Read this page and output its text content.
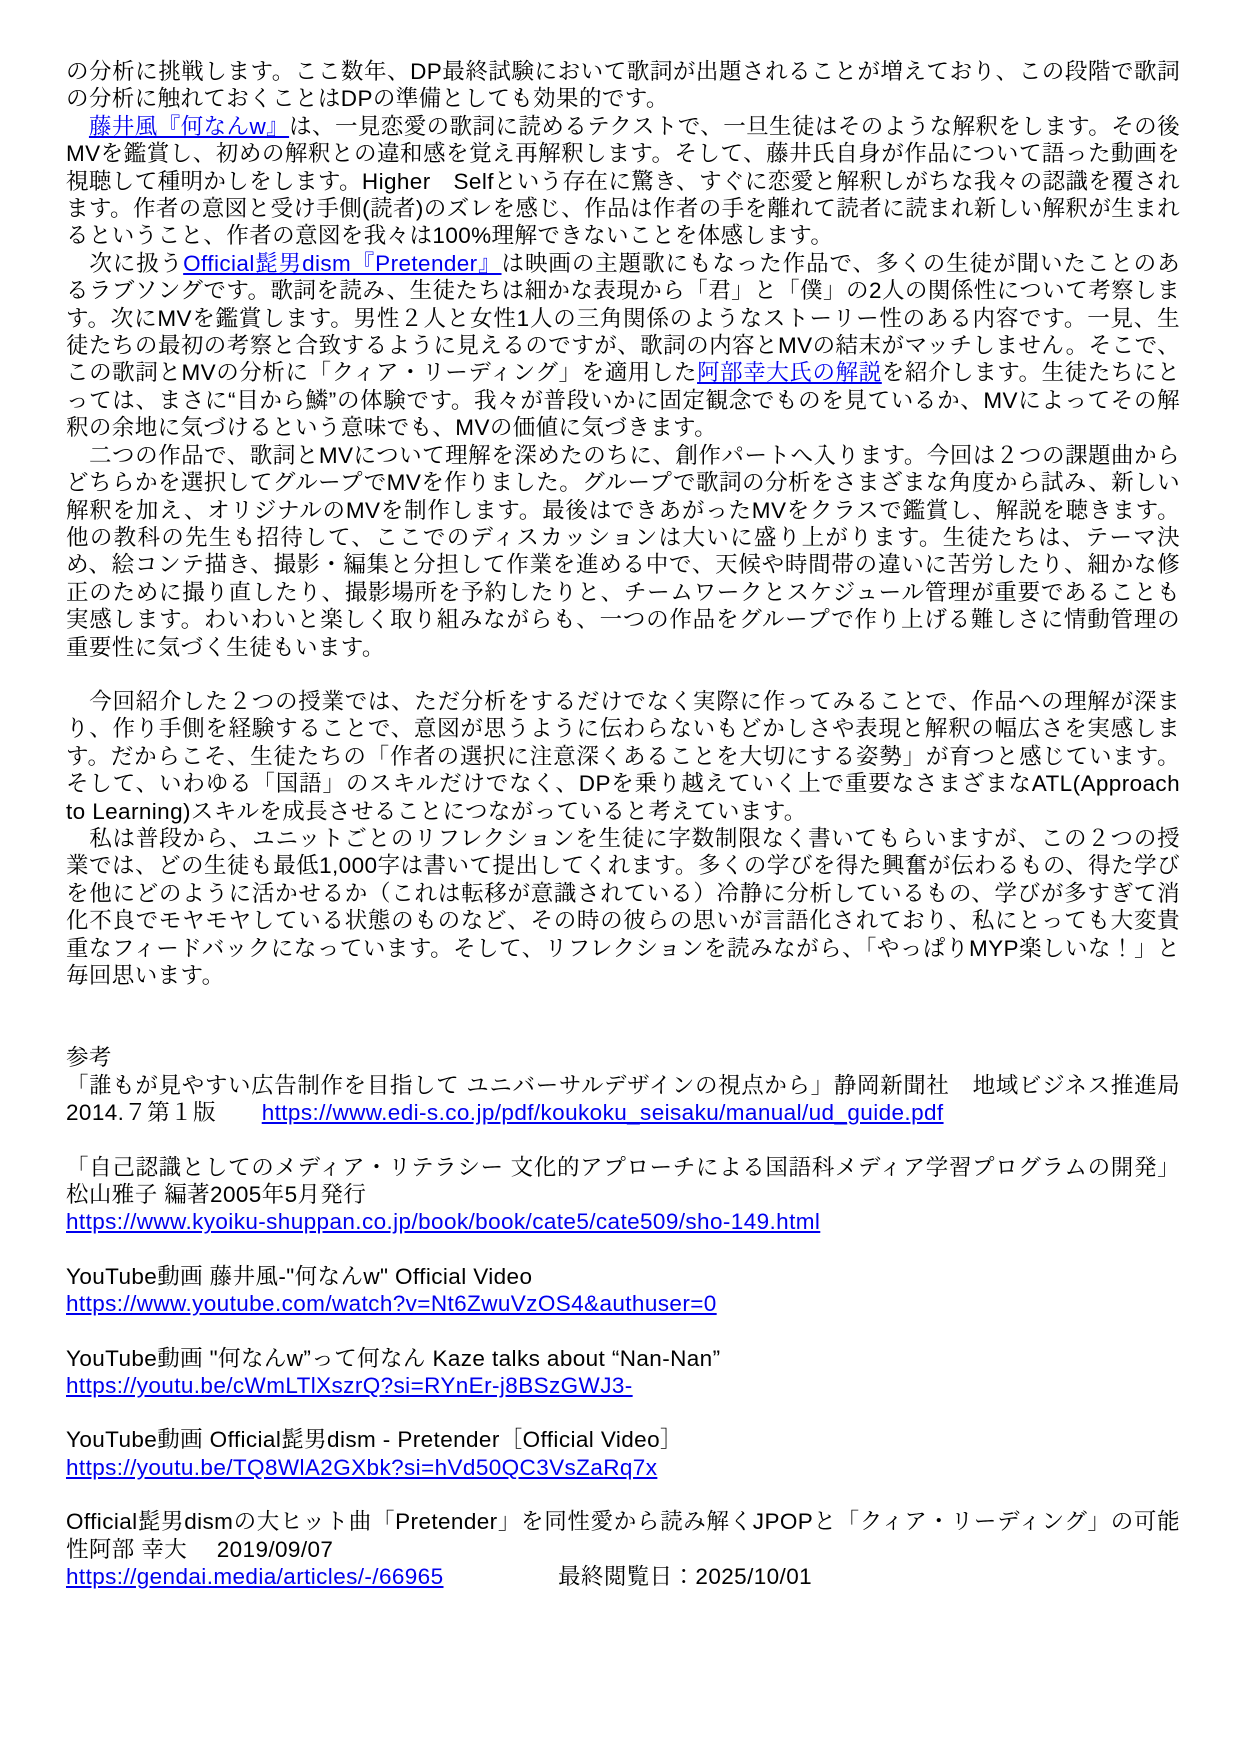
の分析に挑戦します。ここ数年、DP最終試験において歌詞が出題されることが増えており、この段階で歌詞の分析に触れておくことはDPの準備としても効果的です。

　藤井風『何なんw』は、一見恋愛の歌詞に読めるテクストで、一旦生徒はそのような解釈をします。その後MVを鑑賞し、初めの解釈との違和感を覚え再解釈します。そして、藤井氏自身が作品について語った動画を視聴して種明かしをします。Higher　Selfという存在に驚き、すぐに恋愛と解釈しがちな我々の認識を覆されます。作者の意図と受け手側(読者)のズレを感じ、作品は作者の手を離れて読者に読まれ新しい解釈が生まれるということ、作者の意図を我々は100%理解できないことを体感します。

　次に扱うOfficial髭男dism『Pretender』は映画の主題歌にもなった作品で、多くの生徒が聞いたことのあるラブソングです。歌詞を読み、生徒たちは細かな表現から「君」と「僕」の2人の関係性について考察します。次にMVを鑑賞します。男性２人と女性1人の三角関係のようなストーリー性のある内容です。一見、生徒たちの最初の考察と合致するように見えるのですが、歌詞の内容とMVの結末がマッチしません。そこで、この歌詞とMVの分析に「クィア・リーディング」を適用した阿部幸大氏の解説を紹介します。生徒たちにとっては、まさに“目から鱗”の体験です。我々が普段いかに固定観念でものを見ているか、MVによってその解釈の余地に気づけるという意味でも、MVの価値に気づきます。

　二つの作品で、歌詞とMVについて理解を深めたのちに、創作パートへ入ります。今回は２つの課題曲からどちらかを選択してグループでMVを作りました。グループで歌詞の分析をさまざまな角度から試み、新しい解釈を加え、オリジナルのMVを制作します。最後はできあがったMVをクラスで鑑賞し、解説を聴きます。他の教科の先生も招待して、ここでのディスカッションは大いに盛り上がります。生徒たちは、テーマ決め、絵コンテ描き、撮影・編集と分担して作業を進める中で、天候や時間帯の違いに苦労したり、細かな修正のために撮り直したり、撮影場所を予約したりと、チームワークとスケジュール管理が重要であることも実感します。わいわいと楽しく取り組みながらも、一つの作品をグループで作り上げる難しさに情動管理の重要性に気づく生徒もいます。

　今回紹介した２つの授業では、ただ分析をするだけでなく実際に作ってみることで、作品への理解が深まり、作り手側を経験することで、意図が思うように伝わらないもどかしさや表現と解釈の幅広さを実感します。だからこそ、生徒たちの「作者の選択に注意深くあることを大切にする姿勢」が育つと感じています。そして、いわゆる「国語」のスキルだけでなく、DPを乗り越えていく上で重要なさまざまなATL(Approach to Learning)スキルを成長させることにつながっていると考えています。

　私は普段から、ユニットごとのリフレクションを生徒に字数制限なく書いてもらいますが、この２つの授業では、どの生徒も最低1,000字は書いて提出してくれます。多くの学びを得た興奮が伝わるもの、得た学びを他にどのように活かせるか（これは転移が意識されている）冷静に分析しているもの、学びが多すぎて消化不良でモヤモヤしている状態のものなど、その時の彼らの思いが言語化されており、私にとっても大変貴重なフィードバックになっています。そして、リフレクションを読みながら、「やっぱりMYP楽しいな！」と毎回思います。

参考

「誰もが見やすい広告制作を目指して ユニバーサルデザインの視点から」静岡新聞社　地域ビジネス推進局2014.７第１版　　https://www.edi-s.co.jp/pdf/koukoku_seisaku/manual/ud_guide.pdf
「自己認識としてのメディア・リテラシー 文化的アプローチによる国語科メディア学習プログラムの開発」松山雅子 編著2005年5月発行
https://www.kyoiku-shuppan.co.jp/book/book/cate5/cate509/sho-149.html
YouTube動画 藤井風-"何なんw" Official Video
https://www.youtube.com/watch?v=Nt6ZwuVzOS4&authuser=0
YouTube動画 "何なんw”って何なん Kaze talks about “Nan-Nan”
https://youtu.be/cWmLTlXszrQ?si=RYnEr-j8BSzGWJ3-
YouTube動画 Official髭男dism - Pretender［Official Video］
https://youtu.be/TQ8WlA2GXbk?si=hVd50QC3VsZaRq7x
Official髭男dismの大ヒット曲「Pretender」を同性愛から読み解くJPOPと「クィア・リーディング」の可能性阿部 幸大　 2019/09/07
https://gendai.media/articles/-/66965　　　　　最終閲覧日：2025/10/01
